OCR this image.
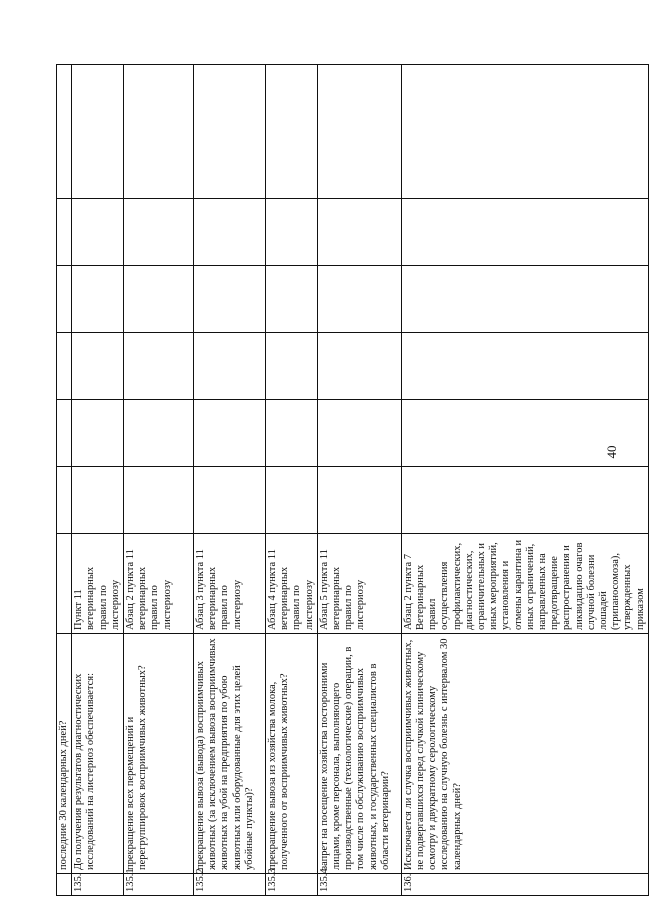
40
	последние 30 календарных дней?							
135.	До получения результатов диагностических исследований на листериоз обеспечивается:	Пункт 11 ветеринарных правил по листериозу						
135.1	прекращение всех перемещений и перегруппировок восприимчивых животных?	Абзац 2 пункта 11 ветеринарных правил по листериозу						
135.2	прекращение вывоза (вывода) восприимчивых животных (за исключением вывоза восприимчивых животных на убой на предприятия по убою животных или оборудованные для этих целей убойные пункты)?	Абзац 3 пункта 11 ветеринарных правил по листериозу						
135.3	прекращение вывоза из хозяйства молока, полученного от восприимчивых животных?	Абзац 4 пункта 11 ветеринарных правил по листериозу						
135.4	запрет на посещение хозяйства посторонними лицами, кроме персонала, выполняющего производственные (технологические) операции, в том числе по обслуживанию восприимчивых животных, и государственных специалистов в области ветеринарии?	Абзац 5 пункта 11 ветеринарных правил по листериозу						
136.	Исключается ли случка восприимчивых животных, не подвергавшихся перед случкой клиническому осмотру и двукратному серологическому исследованию на случную болезнь с интервалом 30 календарных дней?	Абзац 2 пункта 7 Ветеринарных правил осуществления профилактических, диагностических, ограничительных и иных мероприятий, установления и отмены карантина и иных ограничений, направленных на предотвращение распространения и ликвидацию очагов случной болезни лошадей (трипаносомоза), утвержденных приказом						
